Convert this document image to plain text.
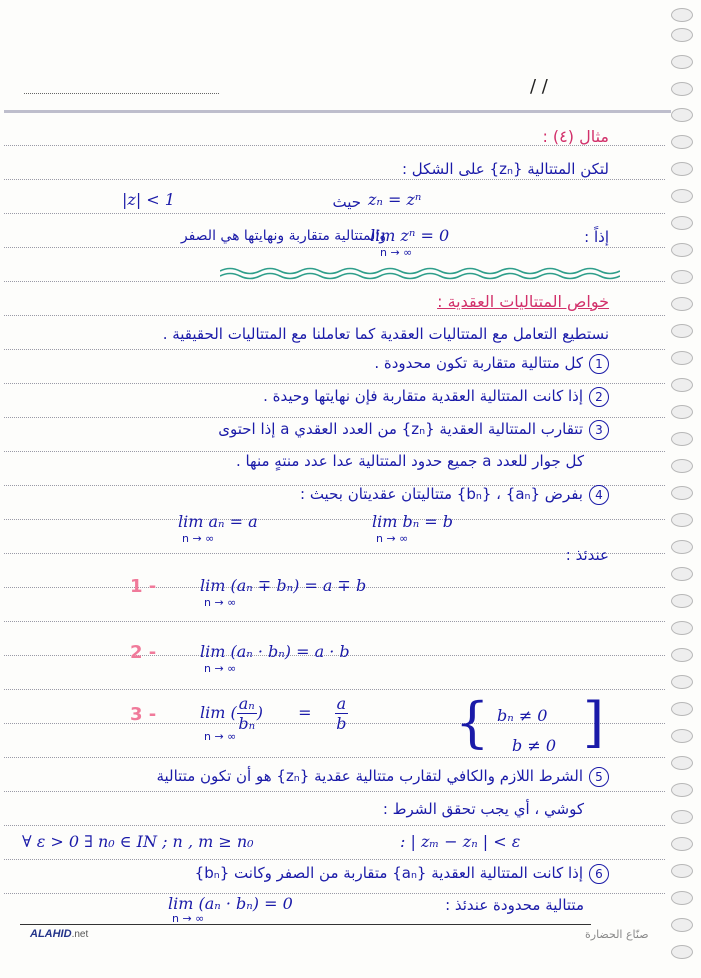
/ /
مثال (٤) :
لتكن المتتالية {zₙ} على الشكل :
حيث
|z| < 1	zₙ = zⁿ
والمتتالية متقاربة ونهايتها هي الصفر	إذاً :
lim zⁿ = 0
n → ∞
خواص المتتاليات العقدية :
نستطيع التعامل مع المتتاليات العقدية كما تعاملنا مع المتتاليات الحقيقية .
1كل متتالية متقاربة تكون محدودة .
2إذا كانت المتتالية العقدية متقاربة فإن نهايتها وحيدة .
3تتقارب المتتالية العقدية {zₙ} من العدد العقدي a إذا احتوى
كل جوار للعدد a جميع حدود المتتالية عدا عدد منتهٍ منها .
4بفرض {aₙ} ، {bₙ} متتاليتان عقديتان بحيث :
lim aₙ = a
n → ∞
lim bₙ = b
n → ∞
عندئذ :
1 -	lim (aₙ ∓ bₙ) = a ∓ b
n → ∞
2 -	lim (aₙ · bₙ) = a · b
n → ∞
3 -	lim ( $\frac{\text{aₙ}}{\text{bₙ}}$ ) = $\frac{a}{b}$
n → ∞	{ bₙ ≠ 0
b ≠ 0 ]
5الشرط اللازم والكافي لتقارب متتالية عقدية {zₙ} هو أن تكون متتالية
كوشي ، أي يجب تحقق الشرط :
∀ ε > 0 ∃ n₀ ∈ IN ; n , m ≥ n₀	: | zₘ − zₙ | < ε
6إذا كانت المتتالية العقدية {aₙ} متقاربة من الصفر وكانت {bₙ}
متتالية محدودة عندئذ :
lim (aₙ · bₙ) = 0
n → ∞
ALAHID.net	صنّاع الحضارة
